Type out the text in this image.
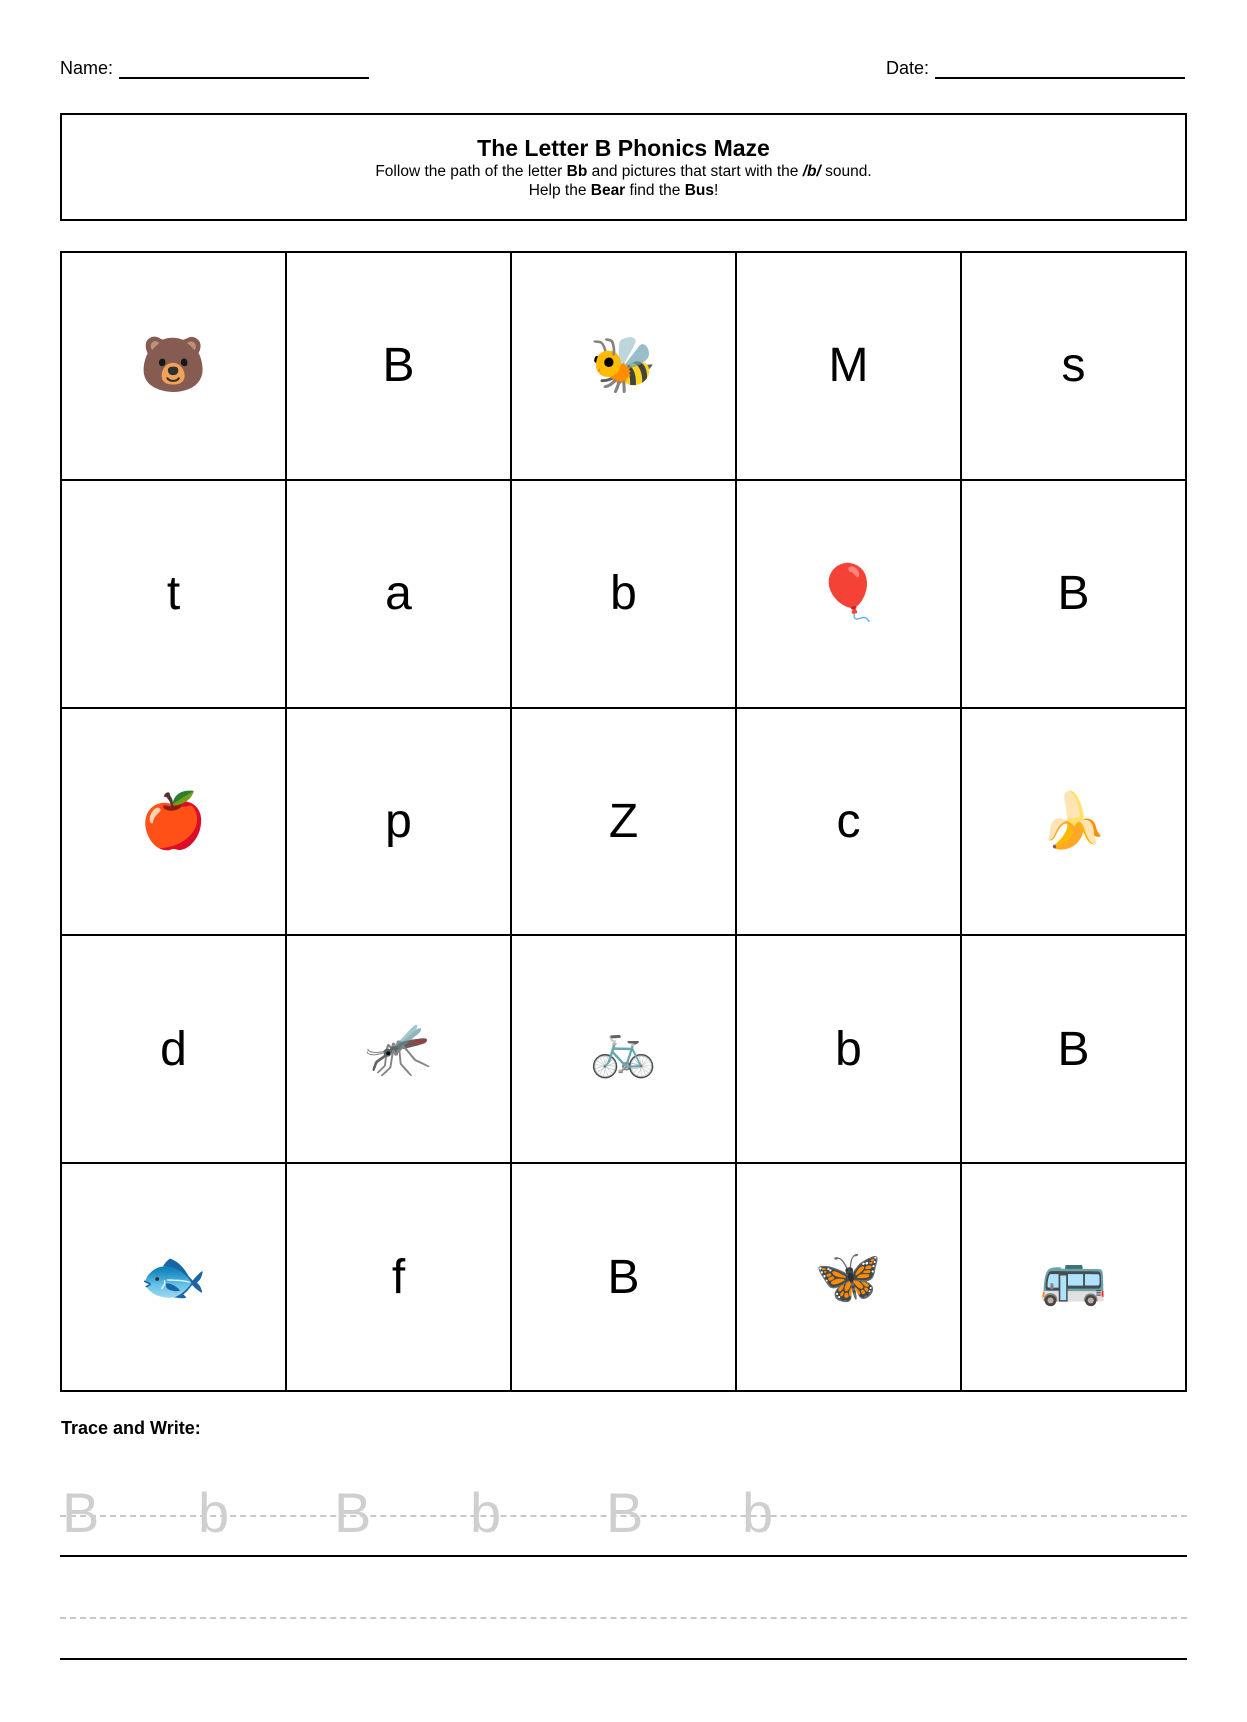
Name:	Date:
The Letter B Phonics Maze

Follow the path of the letter Bb and pictures that start with the /b/ sound.

Help the Bear find the Bus!

🐻	B	🐝	M	s
t	a	b	🎈	B
🍎	p	Z	c	🍌
d	🦟	🚲	b	B
🐟	f	B	🦋	🚌
Trace and Write:
B b B b B b
